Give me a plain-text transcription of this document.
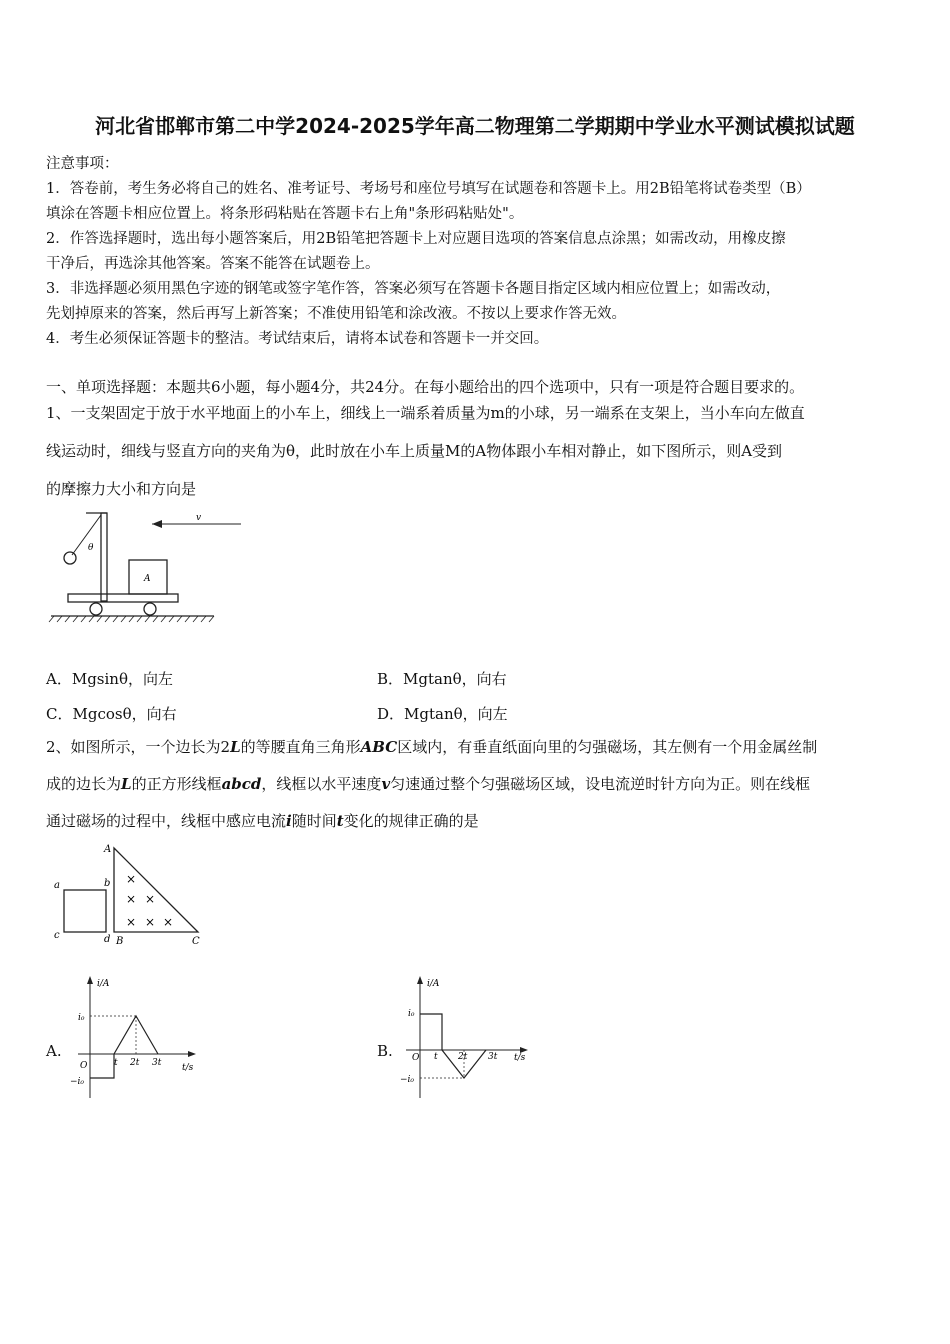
河北省邯郸市第二中学2024-2025学年高二物理第二学期期中学业水平测试模拟试题
注意事项：
1．答卷前，考生务必将自己的姓名、准考证号、考场号和座位号填写在试题卷和答题卡上。用2B铅笔将试卷类型（B）
填涂在答题卡相应位置上。将条形码粘贴在答题卡右上角"条形码粘贴处"。
2．作答选择题时，选出每小题答案后，用2B铅笔把答题卡上对应题目选项的答案信息点涂黑；如需改动，用橡皮擦
干净后，再选涂其他答案。答案不能答在试题卷上。
3．非选择题必须用黑色字迹的钢笔或签字笔作答，答案必须写在答题卡各题目指定区域内相应位置上；如需改动，
先划掉原来的答案，然后再写上新答案；不准使用铅笔和涂改液。不按以上要求作答无效。
4．考生必须保证答题卡的整洁。考试结束后，请将本试卷和答题卡一并交回。
一、单项选择题：本题共6小题，每小题4分，共24分。在每小题给出的四个选项中，只有一项是符合题目要求的。
1、一支架固定于放于水平地面上的小车上，细线上一端系着质量为m的小球，另一端系在支架上，当小车向左做直
线运动时，细线与竖直方向的夹角为θ，此时放在小车上质量M的A物体跟小车相对静止，如下图所示，则A受到
的摩擦力大小和方向是
v
θ
A
A．Mgsinθ，向左	B．Mgtanθ，向右
C．Mgcosθ，向右	D．Mgtanθ，向左
2、如图所示，一个边长为2L的等腰直角三角形ABC区域内，有垂直纸面向里的匀强磁场，其左侧有一个用金属丝制
成的边长为L的正方形线框abcd，线框以水平速度v匀速通过整个匀强磁场区域，设电流逆时针方向为正。则在线框
通过磁场的过程中，线框中感应电流i随时间t变化的规律正确的是
a	b
c	d
A
B	C
×
× ×
× × ×
A.	B.
i/A
t/s
O
i₀
−i₀
t 2t 3t
i/A
t/s
O
i₀
−i₀
t 2t 3t
